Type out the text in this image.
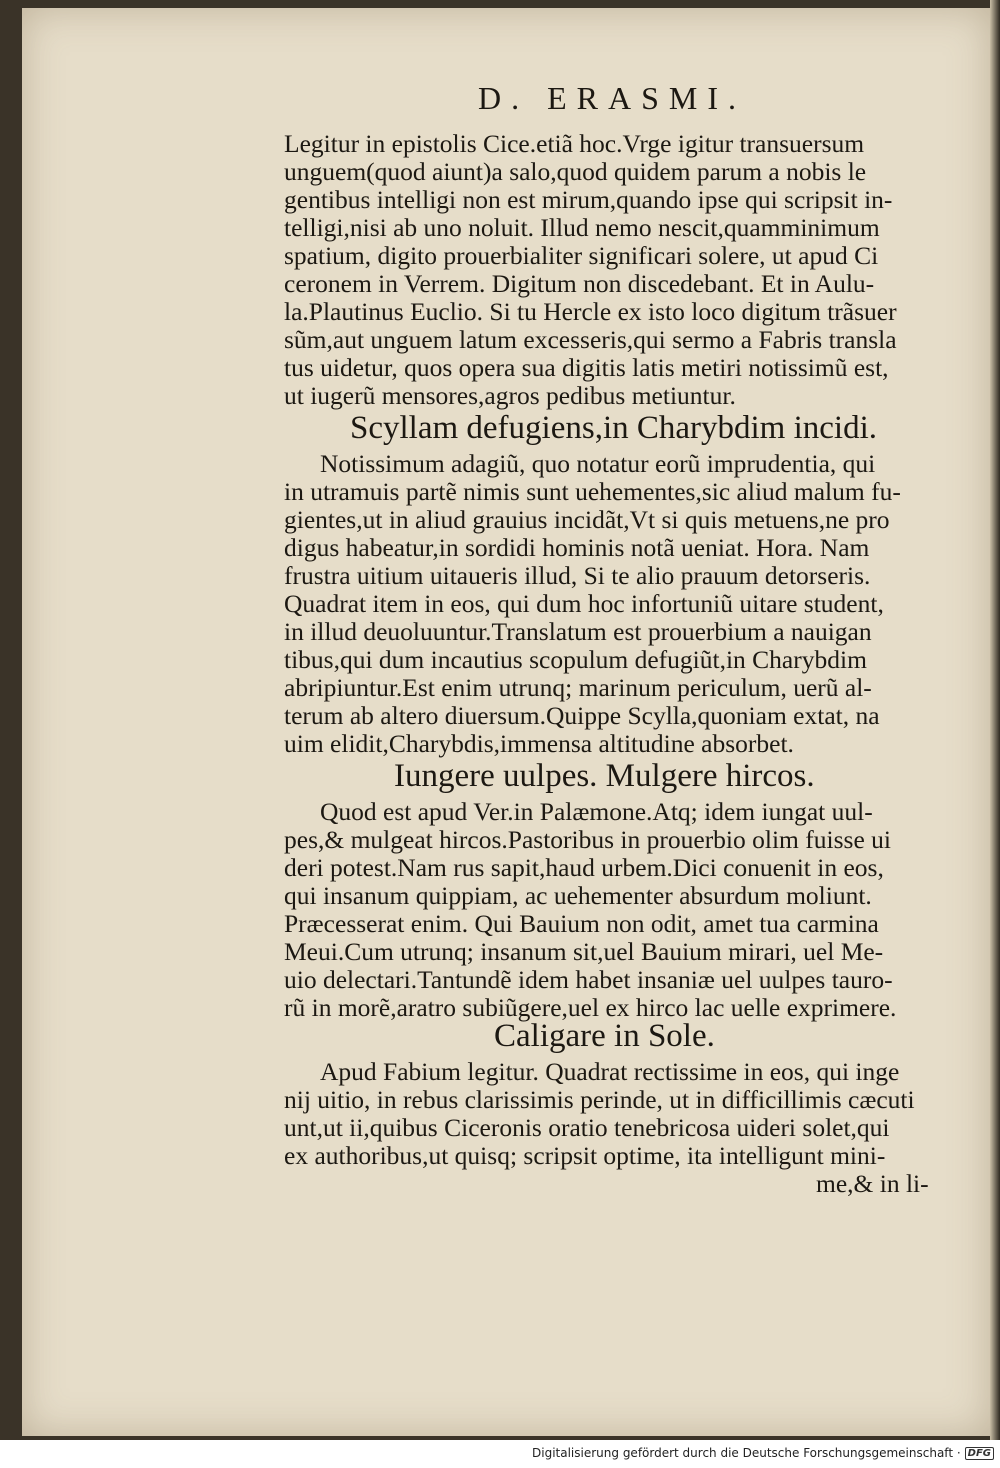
D. ERASMI.
Legitur in epistolis Cice.etiã hoc.Vrge igitur transuersum
unguem(quod aiunt)a salo,quod quidem parum a nobis le
gentibus intelligi non est mirum,quando ipse qui scripsit in-
telligi,nisi ab uno noluit. Illud nemo nescit,quamminimum
spatium, digito prouerbialiter significari solere, ut apud Ci
ceronem in Verrem. Digitum non discedebant. Et in Aulu-
la.Plautinus Euclio. Si tu Hercle ex isto loco digitum trãsuer
sũm,aut unguem latum excesseris,qui sermo a Fabris transla
tus uidetur, quos opera sua digitis latis metiri notissimũ est,
ut iugerũ mensores,agros pedibus metiuntur.
Scyllam defugiens,in Charybdim incidi.
Notissimum adagiũ, quo notatur eorũ imprudentia, qui
in utramuis partẽ nimis sunt uehementes,sic aliud malum fu-
gientes,ut in aliud grauius incidãt,Vt si quis metuens,ne pro
digus habeatur,in sordidi hominis notã ueniat. Hora. Nam
frustra uitium uitaueris illud, Si te alio prauum detorseris.
Quadrat item in eos, qui dum hoc infortuniũ uitare student,
in illud deuoluuntur.Translatum est prouerbium a nauigan
tibus,qui dum incautius scopulum defugiũt,in Charybdim
abripiuntur.Est enim utrunq; marinum periculum, uerũ al-
terum ab altero diuersum.Quippe Scylla,quoniam extat, na
uim elidit,Charybdis,immensa altitudine absorbet.
Iungere uulpes. Mulgere hircos.
Quod est apud Ver.in Palæmone.Atq; idem iungat uul-
pes,& mulgeat hircos.Pastoribus in prouerbio olim fuisse ui
deri potest.Nam rus sapit,haud urbem.Dici conuenit in eos,
qui insanum quippiam, ac uehementer absurdum moliunt.
Præcesserat enim. Qui Bauium non odit, amet tua carmina
Meui.Cum utrunq; insanum sit,uel Bauium mirari, uel Me-
uio delectari.Tantundẽ idem habet insaniæ uel uulpes tauro-
rũ in morẽ,aratro subiũgere,uel ex hirco lac uelle exprimere.
Caligare in Sole.
Apud Fabium legitur. Quadrat rectissime in eos, qui inge
nij uitio, in rebus clarissimis perinde, ut in difficillimis cæcuti
unt,ut ii,quibus Ciceronis oratio tenebricosa uideri solet,qui
ex authoribus,ut quisq; scripsit optime, ita intelligunt mini-
me,& in li-
Digitalisierung gefördert durch die Deutsche Forschungsgemeinschaft · DFG
